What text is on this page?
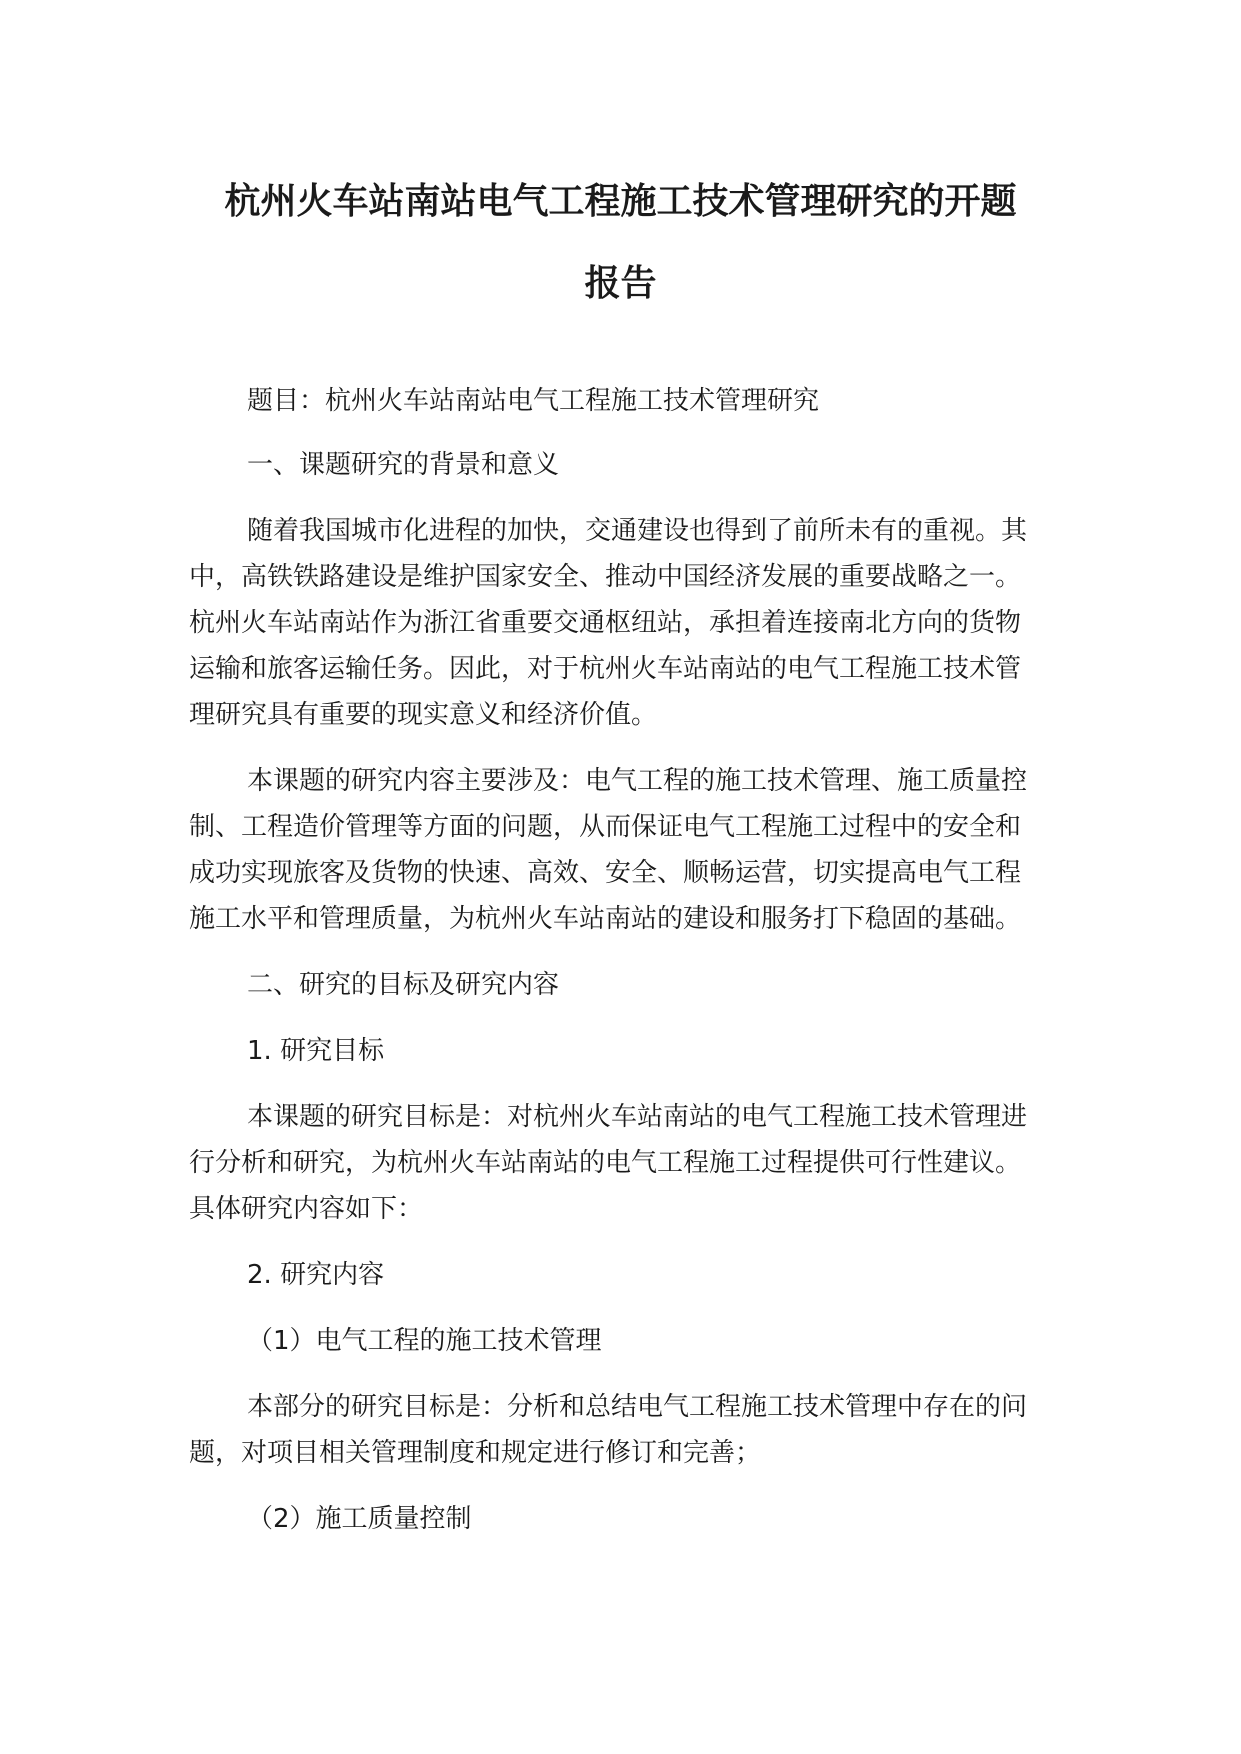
杭州火车站南站电气工程施工技术管理研究的开题
报告

题目：杭州火车站南站电气工程施工技术管理研究

一、课题研究的背景和意义

随着我国城市化进程的加快，交通建设也得到了前所未有的重视。其中，高铁铁路建设是维护国家安全、推动中国经济发展的重要战略之一。杭州火车站南站作为浙江省重要交通枢纽站，承担着连接南北方向的货物运输和旅客运输任务。因此，对于杭州火车站南站的电气工程施工技术管理研究具有重要的现实意义和经济价值。

本课题的研究内容主要涉及：电气工程的施工技术管理、施工质量控制、工程造价管理等方面的问题，从而保证电气工程施工过程中的安全和成功实现旅客及货物的快速、高效、安全、顺畅运营，切实提高电气工程施工水平和管理质量，为杭州火车站南站的建设和服务打下稳固的基础。

二、研究的目标及研究内容

1. 研究目标

本课题的研究目标是：对杭州火车站南站的电气工程施工技术管理进行分析和研究，为杭州火车站南站的电气工程施工过程提供可行性建议。具体研究内容如下：

2. 研究内容

（1）电气工程的施工技术管理

本部分的研究目标是：分析和总结电气工程施工技术管理中存在的问题，对项目相关管理制度和规定进行修订和完善；

（2）施工质量控制
